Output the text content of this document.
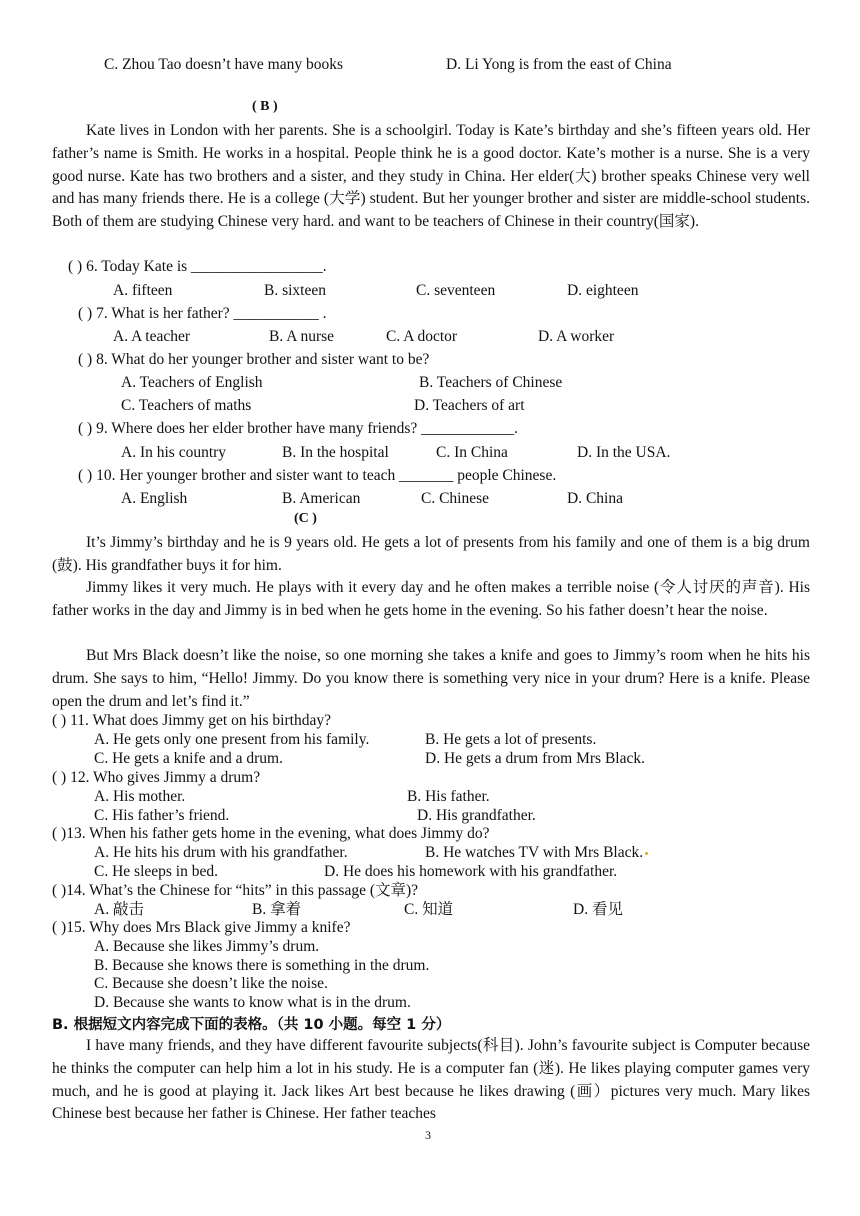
C. Zhou Tao doesn’t have many books	D. Li Yong is from the east of China
( B )
Kate lives in London with her parents. She is a schoolgirl. Today is Kate’s birthday and she’s fifteen years old. Her father’s name is Smith. He works in a hospital. People think he is a good doctor. Kate’s mother is a nurse. She is a very good nurse. Kate has two brothers and a sister, and they study in China. Her elder(大) brother speaks Chinese very well and has many friends there. He is a college (大学) student. But her younger brother and sister are middle-school students. Both of them are studying Chinese very hard. and want to be teachers of Chinese in their country(国家).
( ) 6. Today Kate is _________________.
A. fifteen	B. sixteen	C. seventeen	D. eighteen
( ) 7. What is her father? ___________ .
A. A teacher	B. A nurse	C. A doctor	D. A worker
( ) 8. What do her younger brother and sister want to be?
A. Teachers of English	B. Teachers of Chinese
C. Teachers of maths	D. Teachers of art
( ) 9. Where does her elder brother have many friends? ____________.
A. In his country	B. In the hospital	C. In China	D. In the USA.
( ) 10. Her younger brother and sister want to teach _______ people Chinese.
A. English	B. American	C. Chinese	D. China
(C )
It’s Jimmy’s birthday and he is 9 years old. He gets a lot of presents from his family and one of them is a big drum (鼓). His grandfather buys it for him.
Jimmy likes it very much. He plays with it every day and he often makes a terrible noise (令人讨厌的声音). His father works in the day and Jimmy is in bed when he gets home in the evening. So his father doesn’t hear the noise.
But Mrs Black doesn’t like the noise, so one morning she takes a knife and goes to Jimmy’s room when he hits his drum. She says to him, “Hello! Jimmy. Do you know there is something very nice in your drum? Here is a knife. Please open the drum and let’s find it.”
( ) 11. What does Jimmy get on his birthday?
A. He gets only one present from his family.	B. He gets a lot of presents.
C. He gets a knife and a drum.	D. He gets a drum from Mrs Black.
( ) 12. Who gives Jimmy a drum?
A. His mother.	B. His father.
C. His father’s friend.	D. His grandfather.
( )13. When his father gets home in the evening, what does Jimmy do?
A. He hits his drum with his grandfather.	B. He watches TV with Mrs Black.
C. He sleeps in bed.	D. He does his homework with his grandfather.
( )14. What’s the Chinese for “hits” in this passage (文章)?
A. 敲击	B. 拿着	C. 知道	D. 看见
( )15. Why does Mrs Black give Jimmy a knife?
A. Because she likes Jimmy’s drum.
B. Because she knows there is something in the drum.
C. Because she doesn’t like the noise.
D. Because she wants to know what is in the drum.
B. 根据短文内容完成下面的表格。（共 10 小题。每空 1 分）
I have many friends, and they have different favourite subjects(科目). John’s favourite subject is Computer because he thinks the computer can help him a lot in his study. He is a computer fan (迷). He likes playing computer games very much, and he is good at playing it. Jack likes Art best because he likes drawing (画）pictures very much. Mary likes Chinese best because her father is Chinese. Her father teaches
3
